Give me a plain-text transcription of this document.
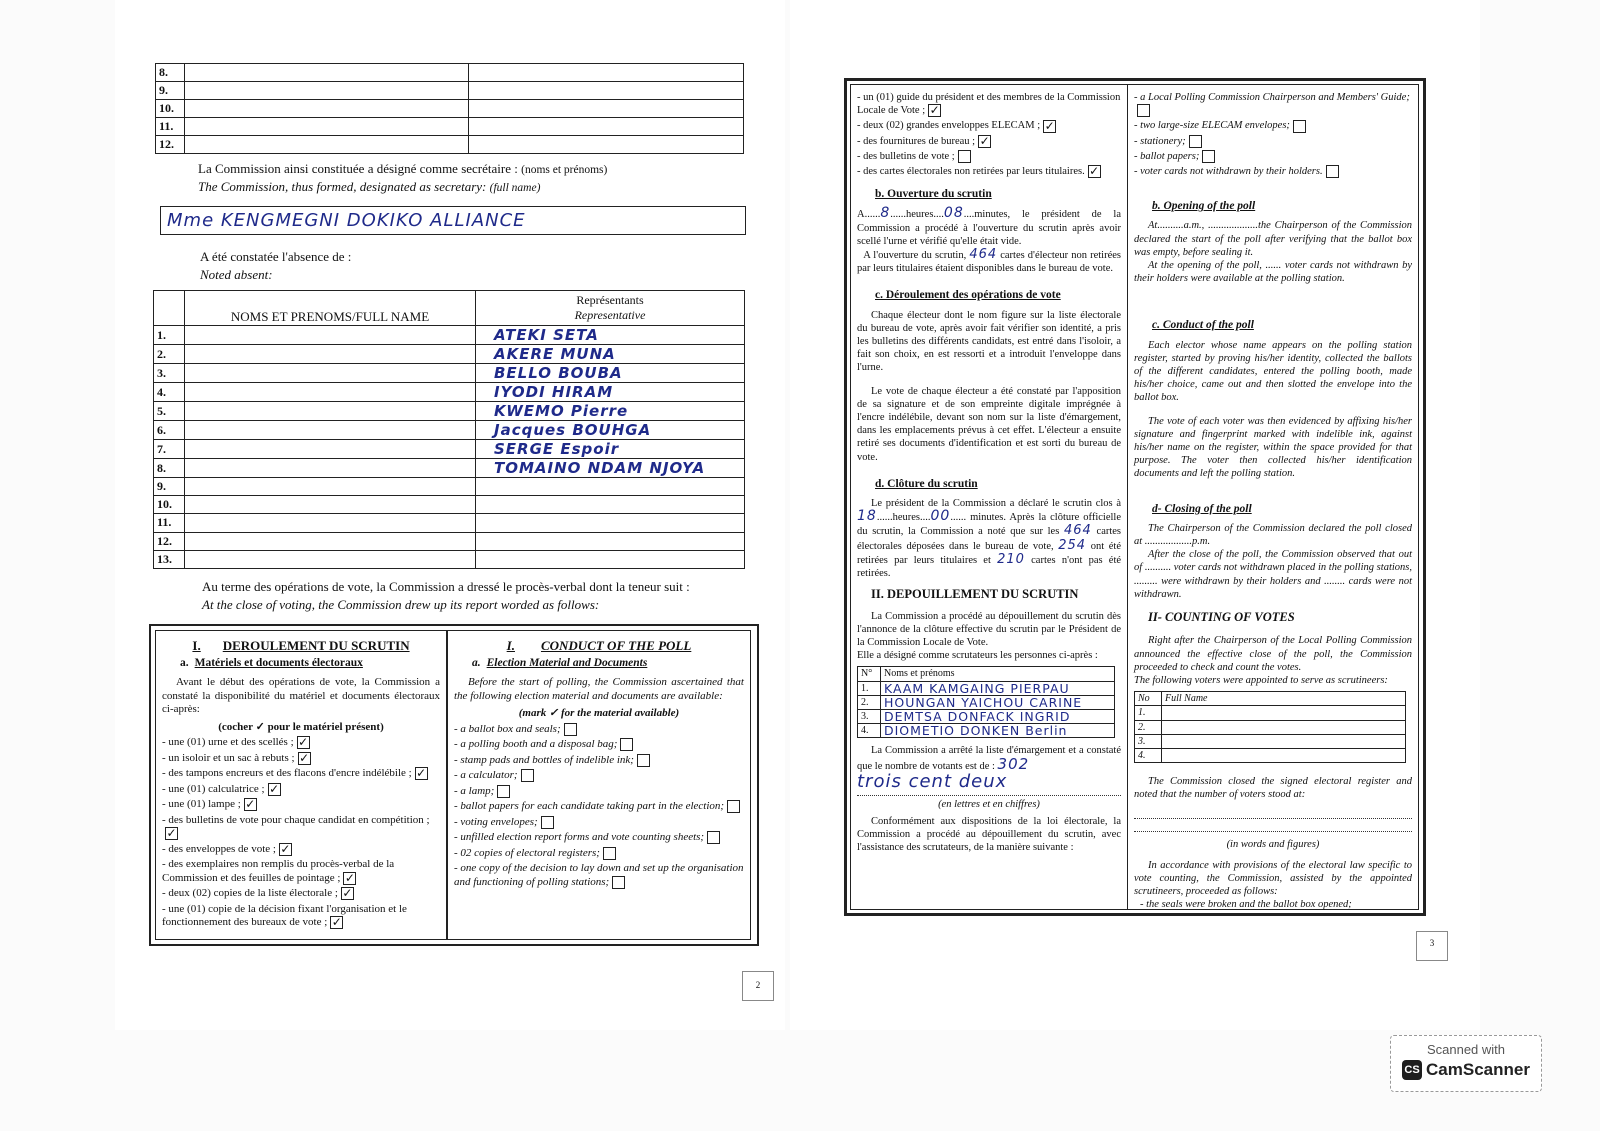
8.		
9.		
10.		
11.		
12.		
La Commission ainsi constituée a désigné comme secrétaire : (noms et prénoms)
The Commission, thus formed, designated as secretary: (full name)
Mme KENGMEGNI DOKIKO ALLIANCE
A été constatée l'absence de :
Noted absent:
	NOMS ET PRENOMS/FULL NAME	Représentants
Representative

1.		ATEKI SETA
2.		AKERE MUNA
3.		BELLO BOUBA
4.		IYODI HIRAM
5.		KWEMO Pierre
6.		Jacques BOUHGA
7.		SERGE Espoir
8.		TOMAINO NDAM NJOYA
9.		
10.		
11.		
12.		
13.		
Au terme des opérations de vote, la Commission a dressé le procès-verbal dont la teneur suit :
At the close of voting, the Commission drew up its report worded as follows:
I. DEROULEMENT DU SCRUTIN
a. Matériels et documents électoraux

Avant le début des opérations de vote, la Commission a constaté la disponibilité du matériel et documents électoraux ci-après:

(cocher ✓ pour le matériel présent)
- une (01) urne et des scellés ; ✓
- un isoloir et un sac à rebuts ; ✓
- des tampons encreurs et des flacons d'encre indélébile ; ✓
- une (01) calculatrice ; ✓
- une (01) lampe ; ✓
- des bulletins de vote pour chaque candidat en compétition ;✓
- des enveloppes de vote ; ✓
- des exemplaires non remplis du procès-verbal de la Commission et des feuilles de pointage ; ✓
- deux (02) copies de la liste électorale ; ✓
- une (01) copie de la décision fixant l'organisation et le fonctionnement des bureaux de vote ; ✓
I. CONDUCT OF THE POLL
a. Election Material and Documents

Before the start of polling, the Commission ascertained that the following election material and documents are available:

(mark ✓ for the material available)
- a ballot box and seals;
- a polling booth and a disposal bag;
- stamp pads and bottles of indelible ink;
- a calculator;
- a lamp;
- ballot papers for each candidate taking part in the election;
- voting envelopes;
- unfilled election report forms and vote counting sheets;
- 02 copies of electoral registers;
- one copy of the decision to lay down and set up the organisation and functioning of polling stations;
2
- un (01) guide du président et des membres de la Commission Locale de Vote ; ✓
- deux (02) grandes enveloppes ELECAM ; ✓
- des fournitures de bureau ; ✓
- des bulletins de vote ;
- des cartes électorales non retirées par leurs titulaires. ✓
b. Ouverture du scrutin

A......8......heures....08....minutes, le président de la Commission a procédé à l'ouverture du scrutin après avoir scellé l'urne et vérifié qu'elle était vide.
A l'ouverture du scrutin, 464 cartes d'électeur non retirées par leurs titulaires étaient disponibles dans le bureau de vote.

c. Déroulement des opérations de vote

Chaque électeur dont le nom figure sur la liste électorale du bureau de vote, après avoir fait vérifier son identité, a pris les bulletins des différents candidats, est entré dans l'isoloir, a fait son choix, en est ressorti et a introduit l'enveloppe dans l'urne.

Le vote de chaque électeur a été constaté par l'apposition de sa signature et de son empreinte digitale imprégnée à l'encre indélébile, devant son nom sur la liste d'émargement, dans les emplacements prévus à cet effet. L'électeur a ensuite retiré ses documents d'identification et est sorti du bureau de vote.

d. Clôture du scrutin

Le président de la Commission a déclaré le scrutin clos à 18......heures....00...... minutes. Après la clôture officielle du scrutin, la Commission a noté que sur les 464 cartes électorales déposées dans le bureau de vote, 254 ont été retirées par leurs titulaires et 210 cartes n'ont pas été retirées.

II. DEPOUILLEMENT DU SCRUTIN

La Commission a procédé au dépouillement du scrutin dès l'annonce de la clôture effective du scrutin par le Président de la Commission Locale de Vote.

Elle a désigné comme scrutateurs les personnes ci-après :

N°	Noms et prénoms
1.	KAAM KAMGAING PIERPAU
2.	HOUNGAN YAICHOU CARINE
3.	DEMTSA DONFACK INGRID
4.	DIOMETIO DONKEN Berlin

La Commission a arrêté la liste d'émargement et a constaté que le nombre de votants est de : 302

trois cent deux
(en lettres et en chiffres)

Conformément aux dispositions de la loi électorale, la Commission a procédé au dépouillement du scrutin, avec l'assistance des scrutateurs, de la manière suivante :

- a Local Polling Commission Chairperson and Members' Guide;
- two large-size ELECAM envelopes;
- stationery;
- ballot papers;
- voter cards not withdrawn by their holders.
b. Opening of the poll

At..........a.m., ...................the Chairperson of the Commission declared the start of the poll after verifying that the ballot box was empty, before sealing it.

At the opening of the poll, ...... voter cards not withdrawn by their holders were available at the polling station.

c. Conduct of the poll

Each elector whose name appears on the polling station register, started by proving his/her identity, collected the ballots of the different candidates, entered the polling booth, made his/her choice, came out and then slotted the envelope into the ballot box.

The vote of each voter was then evidenced by affixing his/her signature and fingerprint marked with indelible ink, against his/her name on the register, within the space provided for that purpose. The voter then collected his/her identification documents and left the polling station.

d- Closing of the poll

The Chairperson of the Commission declared the poll closed at ..................p.m.

After the close of the poll, the Commission observed that out of .......... voter cards not withdrawn placed in the polling stations, ......... were withdrawn by their holders and ........ cards were not withdrawn.

II- COUNTING OF VOTES

Right after the Chairperson of the Local Polling Commission announced the effective close of the poll, the Commission proceeded to check and count the votes.

The following voters were appointed to serve as scrutineers:

No	Full Name
1.	
2.	
3.	
4.	

The Commission closed the signed electoral register and noted that the number of voters stood at:

(in words and figures)

In accordance with provisions of the electoral law specific to vote counting, the Commission, assisted by the appointed scrutineers, proceeded as follows:

- the seals were broken and the ballot box opened;

3
Scanned with
CS CamScanner
